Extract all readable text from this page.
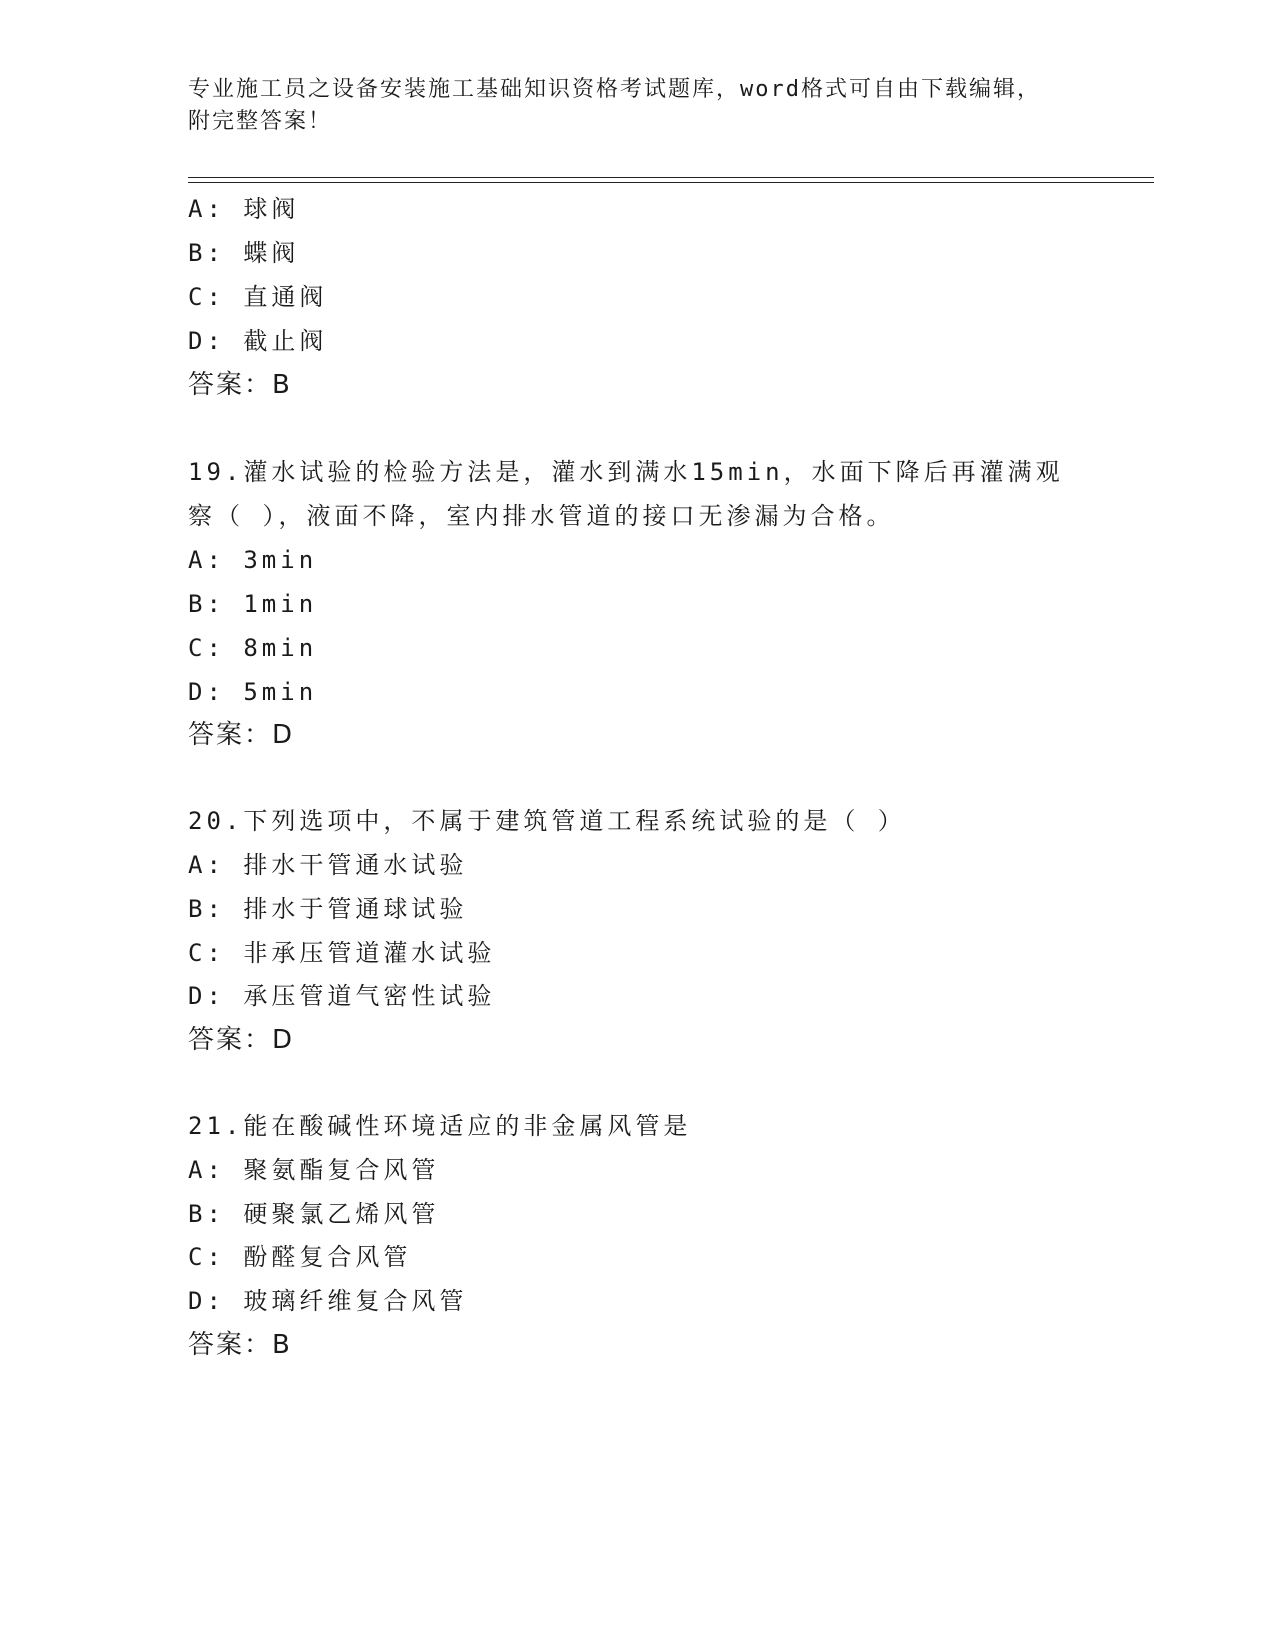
专业施工员之设备安装施工基础知识资格考试题库，word格式可自由下载编辑，
附完整答案！
A: 球阀
B: 蝶阀
C: 直通阀
D: 截止阀
答案：B
19.灌水试验的检验方法是，灌水到满水15min，水面下降后再灌满观
察（ ），液面不降，室内排水管道的接口无渗漏为合格。
A: 3min
B: 1min
C: 8min
D: 5min
答案：D
20.下列选项中，不属于建筑管道工程系统试验的是（ ）
A: 排水干管通水试验
B: 排水于管通球试验
C: 非承压管道灌水试验
D: 承压管道气密性试验
答案：D
21.能在酸碱性环境适应的非金属风管是
A: 聚氨酯复合风管
B: 硬聚氯乙烯风管
C: 酚醛复合风管
D: 玻璃纤维复合风管
答案：B
